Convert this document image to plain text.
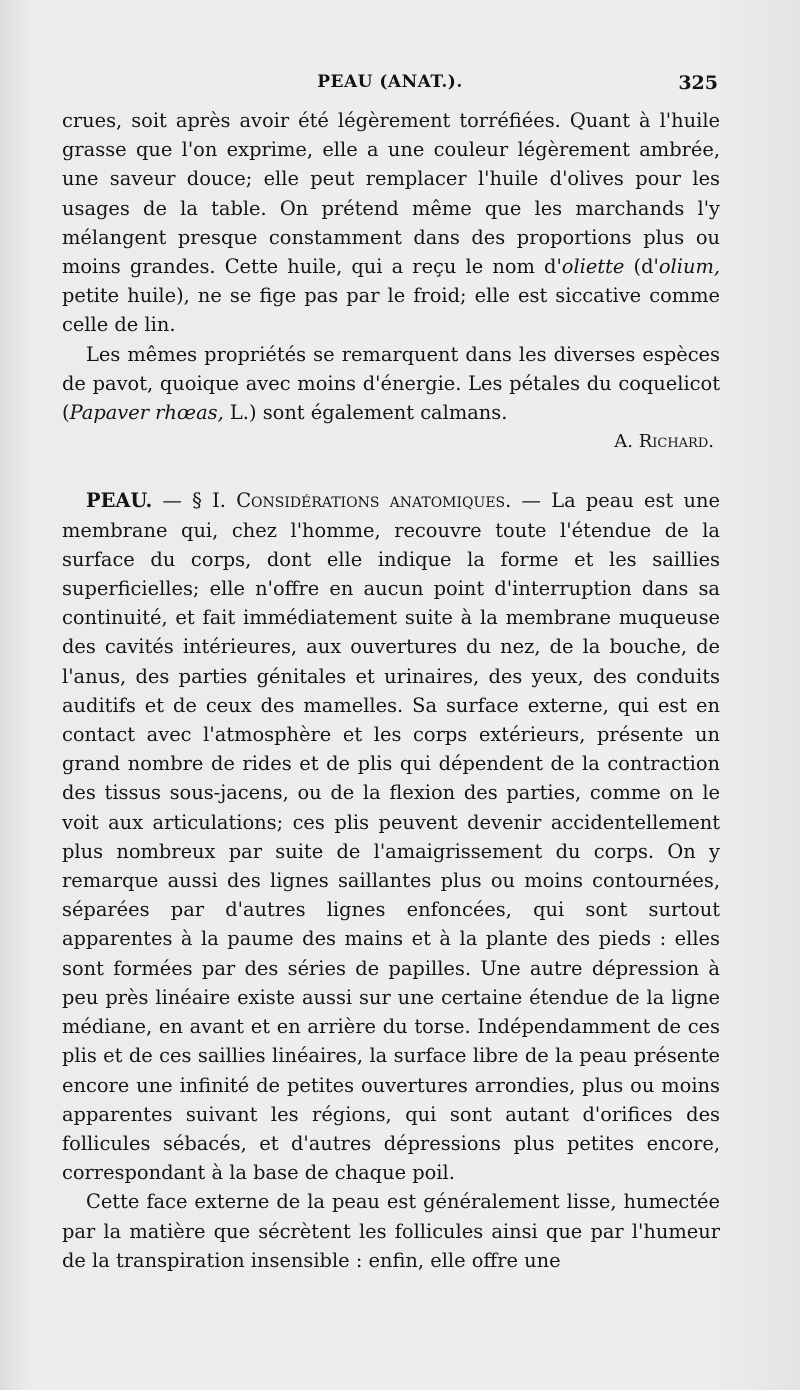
PEAU (ANAT.).	325

crues, soit après avoir été légèrement torréfiées. Quant à l'huile grasse que l'on exprime, elle a une couleur légèrement ambrée, une saveur douce; elle peut remplacer l'huile d'olives pour les usages de la table. On prétend même que les marchands l'y mélangent presque constamment dans des proportions plus ou moins grandes. Cette huile, qui a reçu le nom d'oliette (d'olium, petite huile), ne se fige pas par le froid; elle est siccative comme celle de lin.

Les mêmes propriétés se remarquent dans les diverses espèces de pavot, quoique avec moins d'énergie. Les pétales du coquelicot (Papaver rhœas, L.) sont également calmans.

A. Richard.

PEAU. — § I. Considérations anatomiques. — La peau est une membrane qui, chez l'homme, recouvre toute l'étendue de la surface du corps, dont elle indique la forme et les saillies superficielles; elle n'offre en aucun point d'interruption dans sa continuité, et fait immédiatement suite à la membrane muqueuse des cavités intérieures, aux ouvertures du nez, de la bouche, de l'anus, des parties génitales et urinaires, des yeux, des conduits auditifs et de ceux des mamelles. Sa surface externe, qui est en contact avec l'atmosphère et les corps extérieurs, présente un grand nombre de rides et de plis qui dépendent de la contraction des tissus sous-jacens, ou de la flexion des parties, comme on le voit aux articulations; ces plis peuvent devenir accidentellement plus nombreux par suite de l'amaigrissement du corps. On y remarque aussi des lignes saillantes plus ou moins contournées, séparées par d'autres lignes enfoncées, qui sont surtout apparentes à la paume des mains et à la plante des pieds : elles sont formées par des séries de papilles. Une autre dépression à peu près linéaire existe aussi sur une certaine étendue de la ligne médiane, en avant et en arrière du torse. Indépendamment de ces plis et de ces saillies linéaires, la surface libre de la peau présente encore une infinité de petites ouvertures arrondies, plus ou moins apparentes suivant les régions, qui sont autant d'orifices des follicules sébacés, et d'autres dépressions plus petites encore, correspondant à la base de chaque poil.

Cette face externe de la peau est généralement lisse, humectée par la matière que sécrètent les follicules ainsi que par l'humeur de la transpiration insensible : enfin, elle offre une
